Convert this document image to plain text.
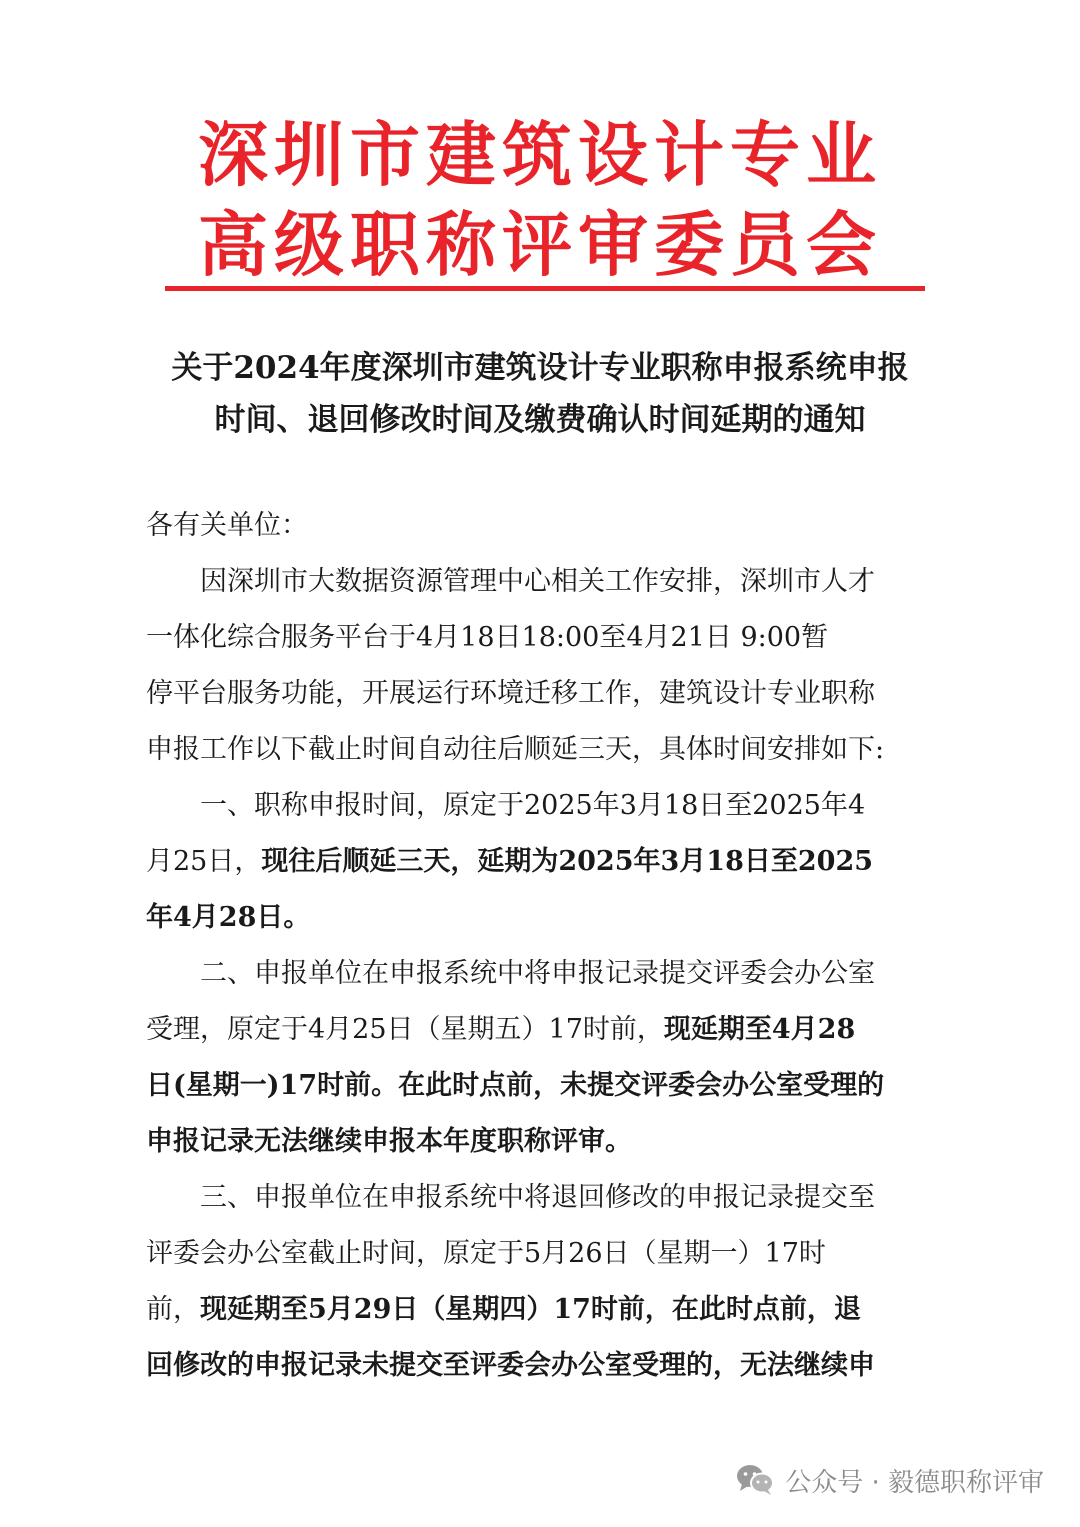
深圳市建筑设计专业
高级职称评审委员会
关于2024年度深圳市建筑设计专业职称申报系统申报
时间、退回修改时间及缴费确认时间延期的通知
各有关单位：
因深圳市大数据资源管理中心相关工作安排，深圳市人才
一体化综合服务平台于4月18日18:00至4月21日 9:00暂
停平台服务功能，开展运行环境迁移工作，建筑设计专业职称
申报工作以下截止时间自动往后顺延三天，具体时间安排如下:
一、职称申报时间，原定于2025年3月18日至2025年4
月25日，现往后顺延三天，延期为2025年3月18日至2025
年4月28日。
二、申报单位在申报系统中将申报记录提交评委会办公室
受理，原定于4月25日（星期五）17时前，现延期至4月28
日(星期一)17时前。在此时点前，未提交评委会办公室受理的
申报记录无法继续申报本年度职称评审。
三、申报单位在申报系统中将退回修改的申报记录提交至
评委会办公室截止时间，原定于5月26日（星期一）17时
前，现延期至5月29日（星期四）17时前，在此时点前，退
回修改的申报记录未提交至评委会办公室受理的，无法继续申
公众号 · 毅德职称评审
